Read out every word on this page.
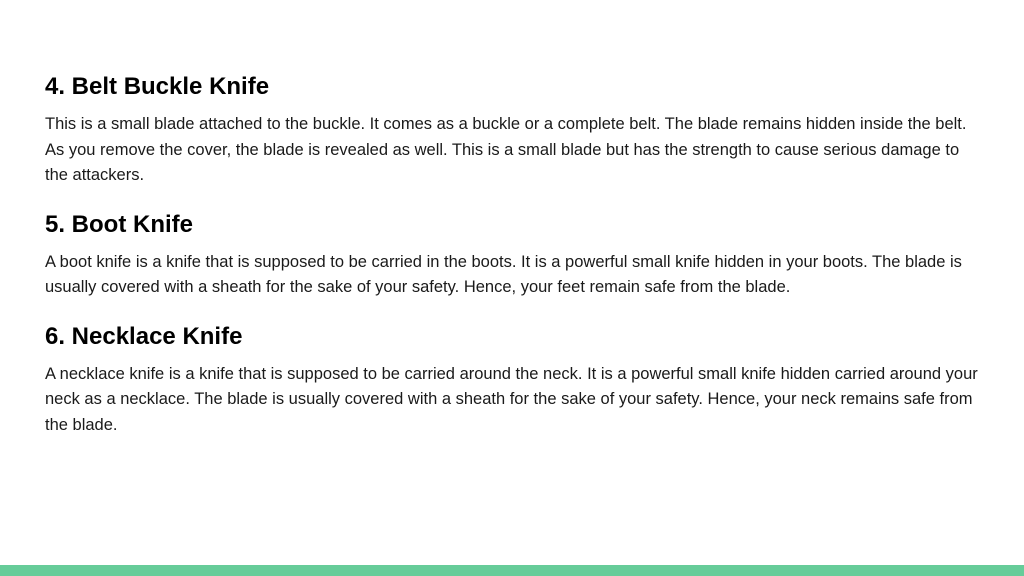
4. Belt Buckle Knife

This is a small blade attached to the buckle. It comes as a buckle or a complete belt. The blade remains hidden inside the belt. As you remove the cover, the blade is revealed as well. This is a small blade but has the strength to cause serious damage to the attackers.

5. Boot Knife

A boot knife is a knife that is supposed to be carried in the boots. It is a powerful small knife hidden in your boots. The blade is usually covered with a sheath for the sake of your safety. Hence, your feet remain safe from the blade.

6. Necklace Knife

A necklace knife is a knife that is supposed to be carried around the neck. It is a powerful small knife hidden carried around your neck as a necklace. The blade is usually covered with a sheath for the sake of your safety. Hence, your neck remains safe from the blade.
